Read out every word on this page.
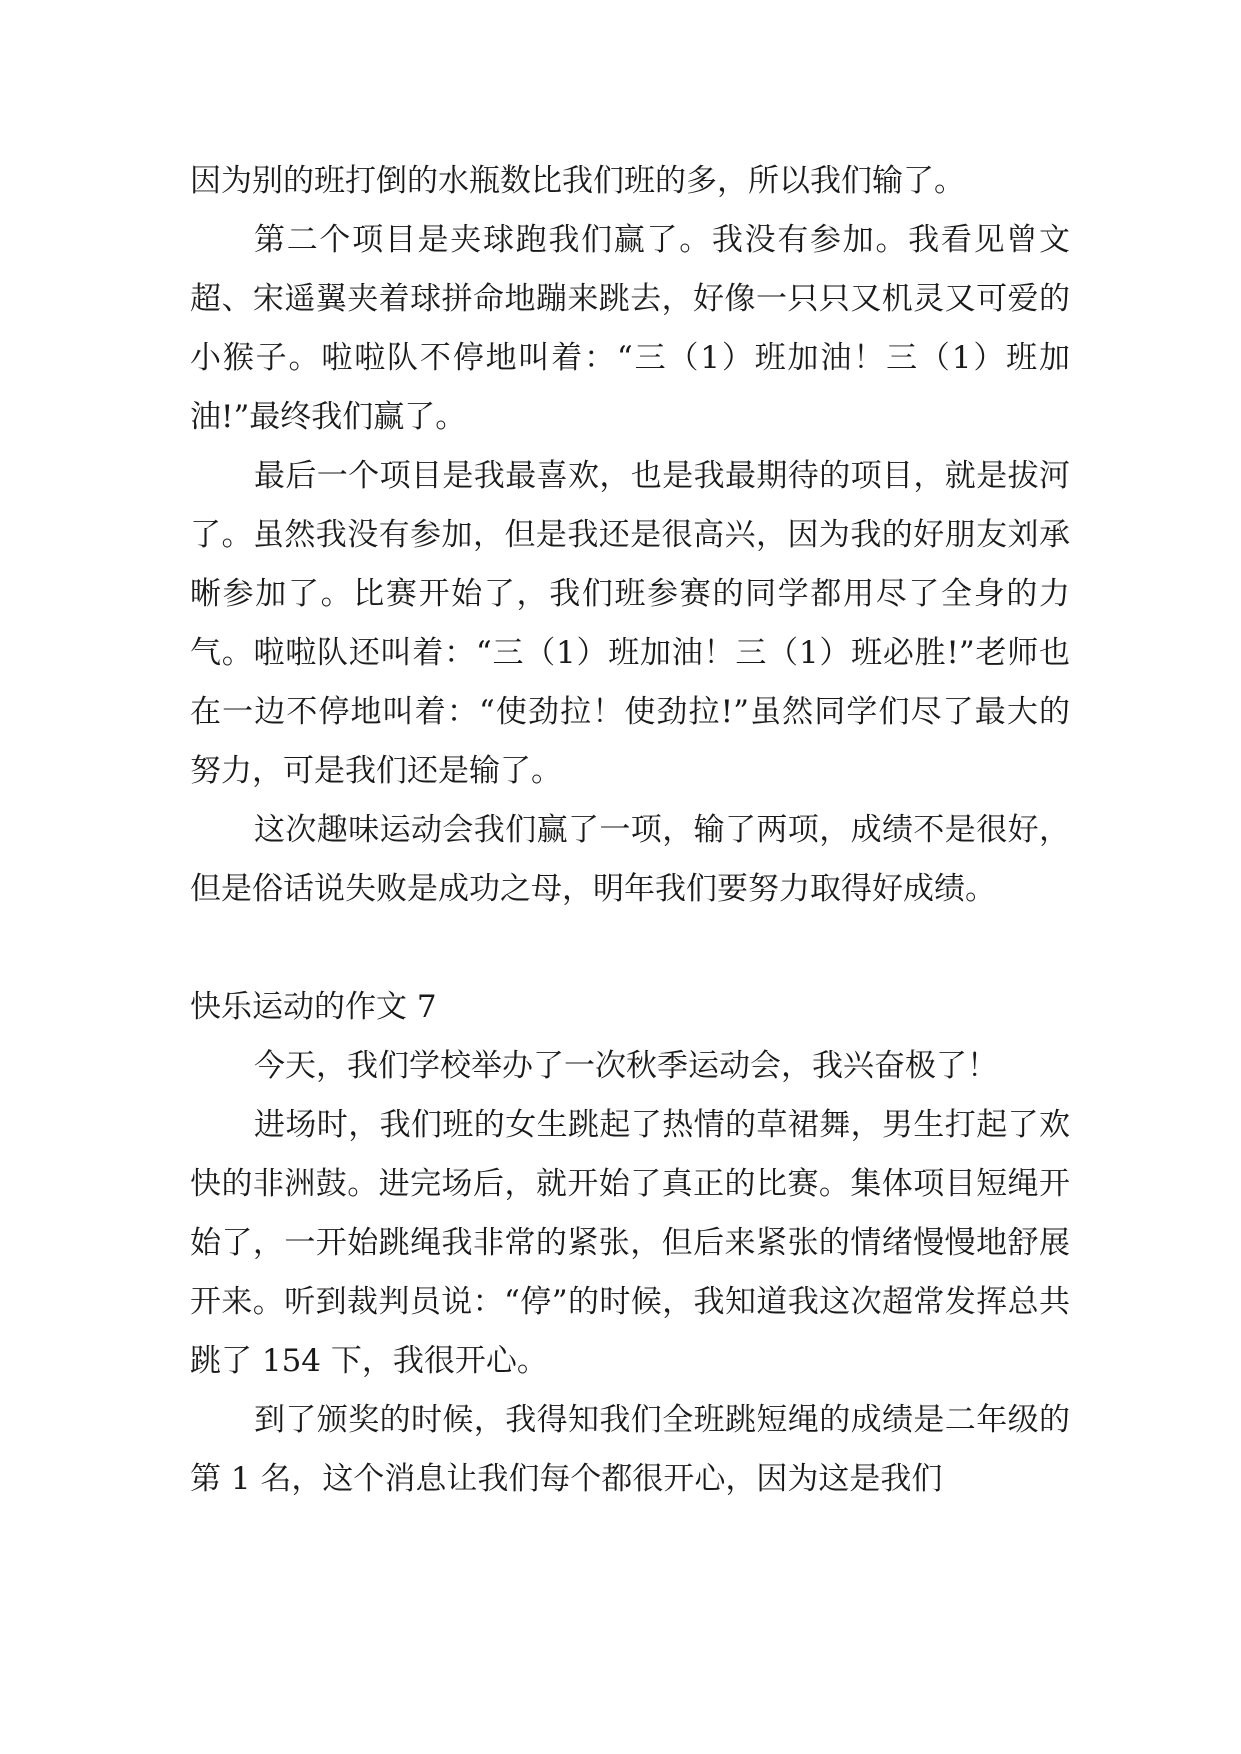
因为别的班打倒的水瓶数比我们班的多，所以我们输了。

第二个项目是夹球跑我们赢了。我没有参加。我看见曾文超、宋遥翼夹着球拼命地蹦来跳去，好像一只只又机灵又可爱的小猴子。啦啦队不停地叫着：“三（1）班加油！三（1）班加油!”最终我们赢了。

最后一个项目是我最喜欢，也是我最期待的项目，就是拔河了。虽然我没有参加，但是我还是很高兴，因为我的好朋友刘承晰参加了。比赛开始了，我们班参赛的同学都用尽了全身的力气。啦啦队还叫着：“三（1）班加油！三（1）班必胜!”老师也在一边不停地叫着：“使劲拉！使劲拉!”虽然同学们尽了最大的努力，可是我们还是输了。

这次趣味运动会我们赢了一项，输了两项，成绩不是很好，但是俗话说失败是成功之母，明年我们要努力取得好成绩。

快乐运动的作文 7

今天，我们学校举办了一次秋季运动会，我兴奋极了！

进场时，我们班的女生跳起了热情的草裙舞，男生打起了欢快的非洲鼓。进完场后，就开始了真正的比赛。集体项目短绳开始了，一开始跳绳我非常的紧张，但后来紧张的情绪慢慢地舒展开来。听到裁判员说：“停”的时候，我知道我这次超常发挥总共跳了 154 下，我很开心。

到了颁奖的时候，我得知我们全班跳短绳的成绩是二年级的第 1 名，这个消息让我们每个都很开心，因为这是我们
